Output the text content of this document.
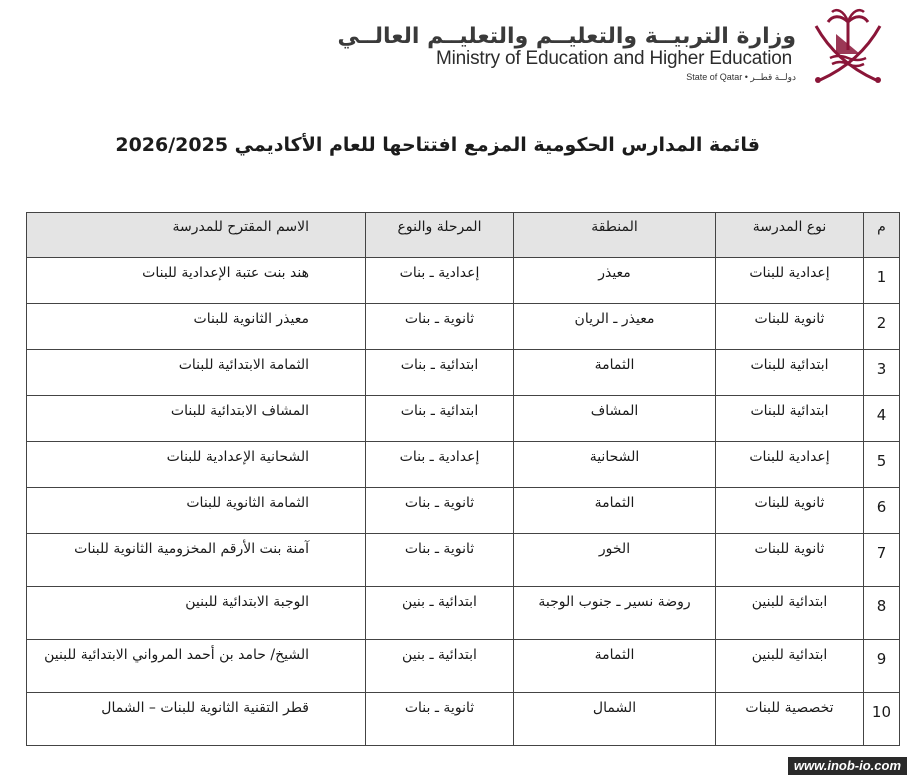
وزارة التربيــة والتعليــم والتعليــم العالــي
Ministry of Education and Higher Education
State of Qatar • دولــة قطــر
قائمة المدارس الحكومية المزمع افتتاحها للعام الأكاديمي 2026/2025
م	نوع المدرسة	المنطقة	المرحلة والنوع	الاسم المقترح للمدرسة
1	إعدادية للبنات	معيذر	إعدادية ـ بنات	هند بنت عتبة الإعدادية للبنات
2	ثانوية للبنات	معيذر ـ الريان	ثانوية ـ بنات	معيذر الثانوية للبنات
3	ابتدائية للبنات	الثمامة	ابتدائية ـ بنات	الثمامة الابتدائية للبنات
4	ابتدائية للبنات	المشاف	ابتدائية ـ بنات	المشاف الابتدائية للبنات
5	إعدادية للبنات	الشحانية	إعدادية ـ بنات	الشحانية الإعدادية للبنات
6	ثانوية للبنات	الثمامة	ثانوية ـ بنات	الثمامة الثانوية للبنات
7	ثانوية للبنات	الخور	ثانوية ـ بنات	آمنة بنت الأرقم المخزومية الثانوية للبنات
8	ابتدائية للبنين	روضة نسير ـ جنوب الوجبة	ابتدائية ـ بنين	الوجبة الابتدائية للبنين
9	ابتدائية للبنين	الثمامة	ابتدائية ـ بنين	الشيخ/ حامد بن أحمد المرواني الابتدائية للبنين
10	تخصصية للبنات	الشمال	ثانوية ـ بنات	قطر التقنية الثانوية للبنات – الشمال
www.inob-io.com
